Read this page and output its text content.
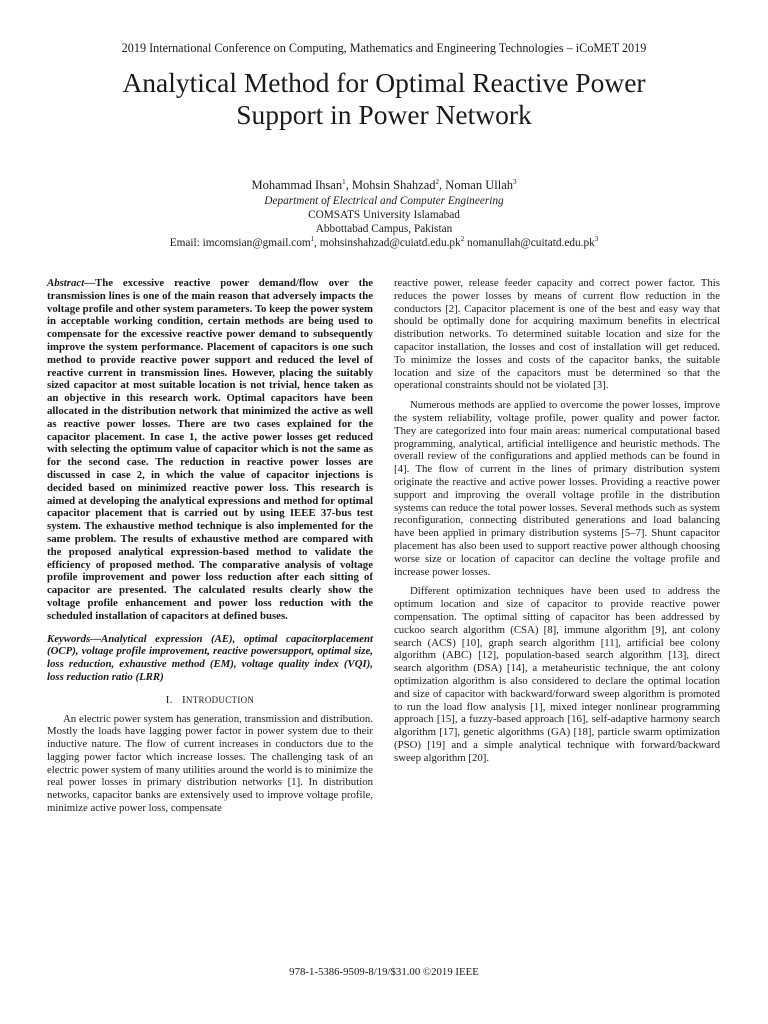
2019 International Conference on Computing, Mathematics and Engineering Technologies – iCoMET 2019
Analytical Method for Optimal Reactive Power
Support in Power Network
Mohammad Ihsan$^1$, Mohsin Shahzad$^2$, Noman Ullah$^3$
Department of Electrical and Computer Engineering
COMSATS University Islamabad
Abbottabad Campus, Pakistan
Email: imcomsian@gmail.com$^1$, $mohsinshahzad@cuiatd.edu.pk^2$ $nomanullah@cuitatd.edu.pk^3$

Abstract—The excessive reactive power demand/flow over the transmission lines is one of the main reason that adversely impacts the voltage profile and other system parameters. To keep the power system in acceptable working condition, certain methods are being used to compensate for the excessive reactive power demand to subsequently improve the system performance. Placement of capacitors is one such method to provide reactive power support and reduced the level of reactive current in transmission lines. However, placing the suitably sized capacitor at most suitable location is not trivial, hence taken as an objective in this research work. Optimal capacitors have been allocated in the distribution network that minimized the active as well as reactive power losses. There are two cases explained for the capacitor placement. In case 1, the active power losses get reduced with selecting the optimum value of capacitor which is not the same as for the second case. The reduction in reactive power losses are discussed in case 2, in which the value of capacitor injections is decided based on minimized reactive power loss. This research is aimed at developing the analytical expressions and method for optimal capacitor placement that is carried out by using IEEE 37-bus test system. The exhaustive method technique is also implemented for the same problem. The results of exhaustive method are compared with the proposed analytical expression-based method to validate the efficiency of proposed method. The comparative analysis of voltage profile improvement and power loss reduction after each sitting of capacitor are presented. The calculated results clearly show the voltage profile enhancement and power loss reduction with the scheduled installation of capacitors at defined buses.

Keywords—Analytical expression (AE), optimal capacitorplacement (OCP), voltage profile improvement, reactive powersupport, optimal size, loss reduction, exhaustive method (EM), voltage quality index (VQI), loss reduction ratio (LRR)

I. INTRODUCTION

An electric power system has generation, transmission and distribution. Mostly the loads have lagging power factor in power system due to their inductive nature. The flow of current increases in conductors due to the lagging power factor which increase losses. The challenging task of an electric power system of many utilities around the world is to minimize the real power losses in primary distribution networks [1]. In distribution networks, capacitor banks are extensively used to improve voltage profile, minimize active power loss, compensate

reactive power, release feeder capacity and correct power factor. This reduces the power losses by means of current flow reduction in the conductors [2]. Capacitor placement is one of the best and easy way that should be optimally done for acquiring maximum benefits in electrical distribution networks. To determined suitable location and size for the capacitor installation, the losses and cost of installation will get reduced. To minimize the losses and costs of the capacitor banks, the suitable location and size of the capacitors must be determined so that the operational constraints should not be violated [3].

Numerous methods are applied to overcome the power losses, improve the system reliability, voltage profile, power quality and power factor. They are categorized into four main areas: numerical computational based programming, analytical, artificial intelligence and heuristic methods. The overall review of the configurations and applied methods can be found in [4]. The flow of current in the lines of primary distribution system originate the reactive and active power losses. Providing a reactive power support and improving the overall voltage profile in the distribution systems can reduce the total power losses. Several methods such as system reconfiguration, connecting distributed generations and load balancing have been applied in primary distribution systems [5–7]. Shunt capacitor placement has also been used to support reactive power although choosing worse size or location of capacitor can decline the voltage profile and increase power losses.

Different optimization techniques have been used to address the optimum location and size of capacitor to provide reactive power compensation. The optimal sitting of capacitor has been addressed by cuckoo search algorithm (CSA) [8], immune algorithm [9], ant colony search (ACS) [10], graph search algorithm [11], artificial bee colony algorithm (ABC) [12], population-based search algorithm [13], direct search algorithm (DSA) [14], a metaheuristic technique, the ant colony optimization algorithm is also considered to declare the optimal location and size of capacitor with backward/forward sweep algorithm is promoted to run the load flow analysis [1], mixed integer nonlinear programming approach [15], a fuzzy-based approach [16], self-adaptive harmony search algorithm [17], genetic algorithms (GA) [18], particle swarm optimization (PSO) [19] and a simple analytical technique with forward/backward sweep algorithm [20].

978-1-5386-9509-8/19/$31.00 ©2019 IEEE
